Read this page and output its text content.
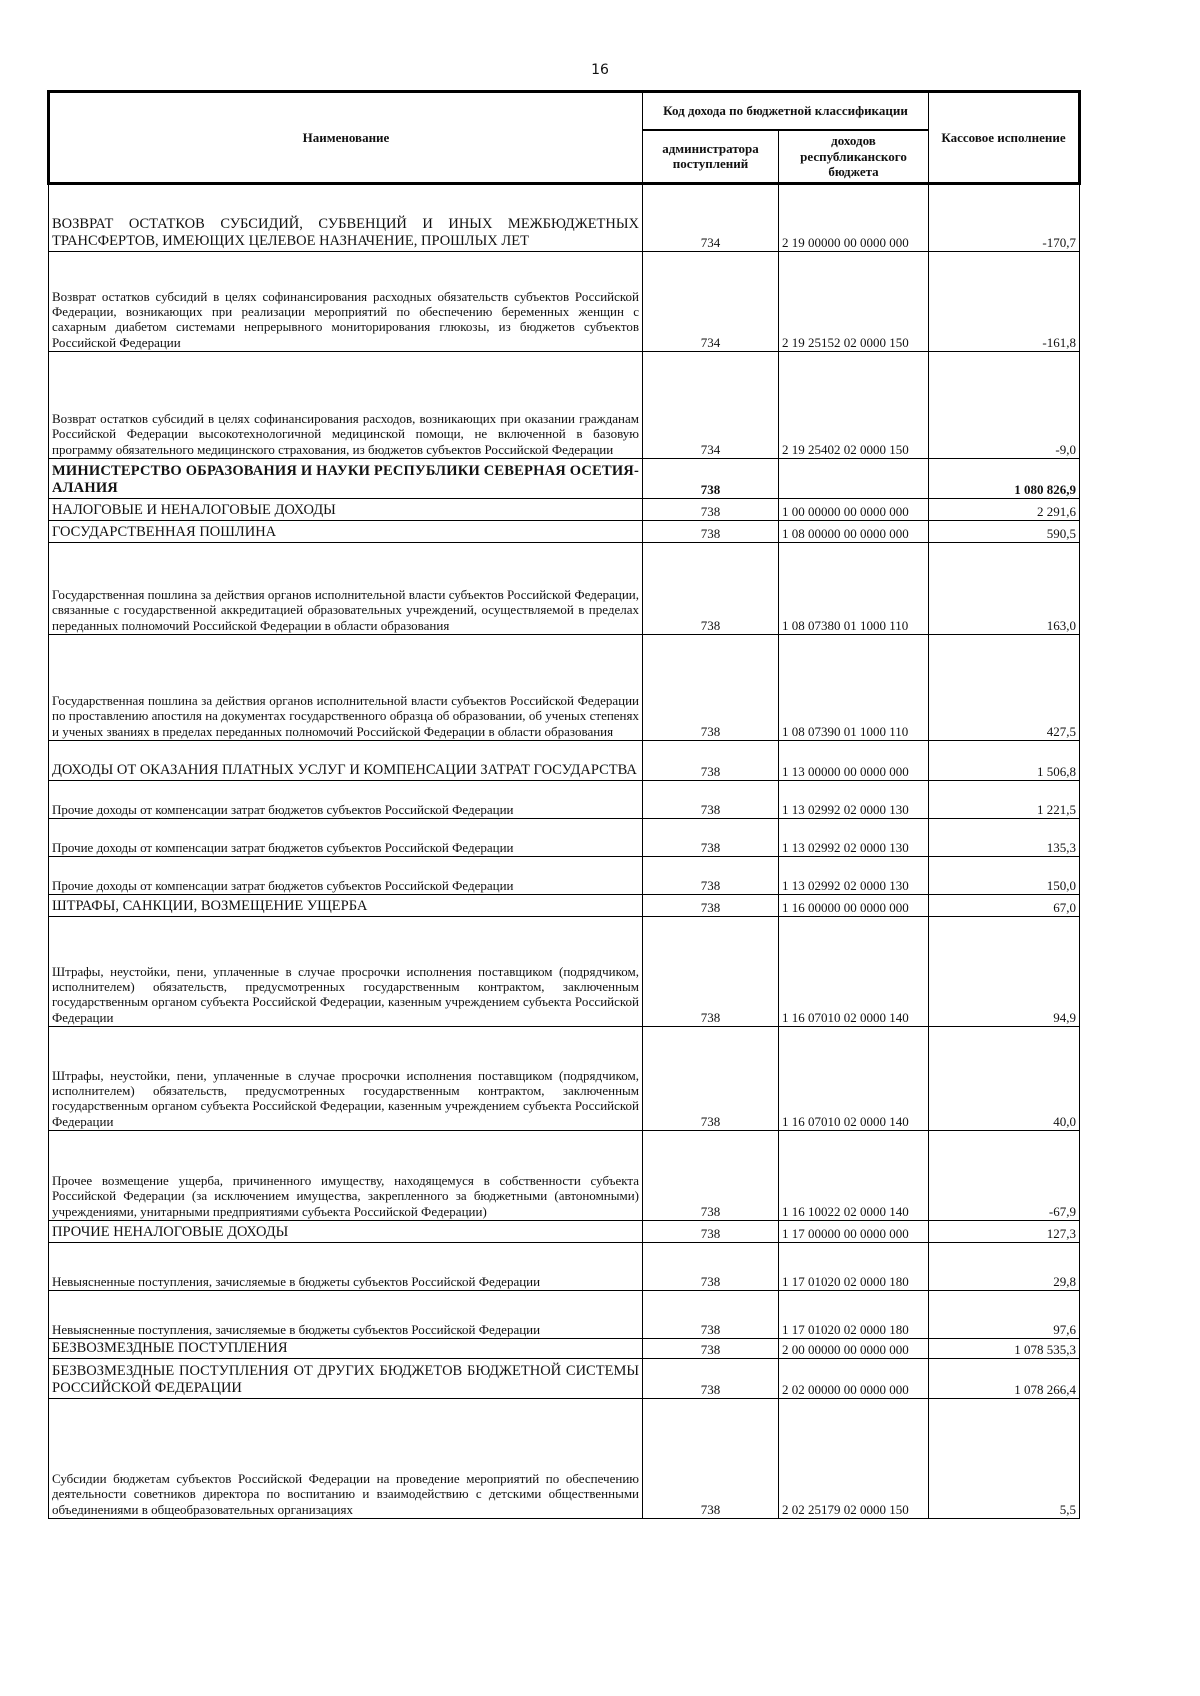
16
Наименование	Код дохода по бюджетной классификации		Кассовое исполнение
	администратора поступлений	доходов республиканского бюджета	
ВОЗВРАТ ОСТАТКОВ СУБСИДИЙ, СУБВЕНЦИЙ И ИНЫХ МЕЖБЮДЖЕТНЫХ ТРАНСФЕРТОВ, ИМЕЮЩИХ ЦЕЛЕВОЕ НАЗНАЧЕНИЕ, ПРОШЛЫХ ЛЕТ	734	2 19 00000 00 0000 000	-170,7
Возврат остатков субсидий в целях софинансирования расходных обязательств субъектов Российской Федерации, возникающих при реализации мероприятий по обеспечению беременных женщин с сахарным диабетом системами непрерывного мониторирования глюкозы, из бюджетов субъектов Российской Федерации	734	2 19 25152 02 0000 150	-161,8
Возврат остатков субсидий в целях софинансирования расходов, возникающих при оказании гражданам Российской Федерации высокотехнологичной медицинской помощи, не включенной в базовую программу обязательного медицинского страхования, из бюджетов субъектов Российской Федерации	734	2 19 25402 02 0000 150	-9,0
МИНИСТЕРСТВО ОБРАЗОВАНИЯ И НАУКИ РЕСПУБЛИКИ СЕВЕРНАЯ ОСЕТИЯ-АЛАНИЯ	738		1 080 826,9
НАЛОГОВЫЕ И НЕНАЛОГОВЫЕ ДОХОДЫ	738	1 00 00000 00 0000 000	2 291,6
ГОСУДАРСТВЕННАЯ ПОШЛИНА	738	1 08 00000 00 0000 000	590,5
Государственная пошлина за действия органов исполнительной власти субъектов Российской Федерации, связанные с государственной аккредитацией образовательных учреждений, осуществляемой в пределах переданных полномочий Российской Федерации в области образования	738	1 08 07380 01 1000 110	163,0
Государственная пошлина за действия органов исполнительной власти субъектов Российской Федерации по проставлению апостиля на документах государственного образца об образовании, об ученых степенях и ученых званиях в пределах переданных полномочий Российской Федерации в области образования	738	1 08 07390 01 1000 110	427,5
ДОХОДЫ ОТ ОКАЗАНИЯ ПЛАТНЫХ УСЛУГ И КОМПЕНСАЦИИ ЗАТРАТ ГОСУДАРСТВА	738	1 13 00000 00 0000 000	1 506,8
Прочие доходы от компенсации затрат бюджетов субъектов Российской Федерации	738	1 13 02992 02 0000 130	1 221,5
Прочие доходы от компенсации затрат бюджетов субъектов Российской Федерации	738	1 13 02992 02 0000 130	135,3
Прочие доходы от компенсации затрат бюджетов субъектов Российской Федерации	738	1 13 02992 02 0000 130	150,0
ШТРАФЫ, САНКЦИИ, ВОЗМЕЩЕНИЕ УЩЕРБА	738	1 16 00000 00 0000 000	67,0
Штрафы, неустойки, пени, уплаченные в случае просрочки исполнения поставщиком (подрядчиком, исполнителем) обязательств, предусмотренных государственным контрактом, заключенным государственным органом субъекта Российской Федерации, казенным учреждением субъекта Российской Федерации	738	1 16 07010 02 0000 140	94,9
Штрафы, неустойки, пени, уплаченные в случае просрочки исполнения поставщиком (подрядчиком, исполнителем) обязательств, предусмотренных государственным контрактом, заключенным государственным органом субъекта Российской Федерации, казенным учреждением субъекта Российской Федерации	738	1 16 07010 02 0000 140	40,0
Прочее возмещение ущерба, причиненного имуществу, находящемуся в собственности субъекта Российской Федерации (за исключением имущества, закрепленного за бюджетными (автономными) учреждениями, унитарными предприятиями субъекта Российской Федерации)	738	1 16 10022 02 0000 140	-67,9
ПРОЧИЕ НЕНАЛОГОВЫЕ ДОХОДЫ	738	1 17 00000 00 0000 000	127,3
Невыясненные поступления, зачисляемые в бюджеты субъектов Российской Федерации	738	1 17 01020 02 0000 180	29,8
Невыясненные поступления, зачисляемые в бюджеты субъектов Российской Федерации	738	1 17 01020 02 0000 180	97,6
БЕЗВОЗМЕЗДНЫЕ ПОСТУПЛЕНИЯ	738	2 00 00000 00 0000 000	1 078 535,3
БЕЗВОЗМЕЗДНЫЕ ПОСТУПЛЕНИЯ ОТ ДРУГИХ БЮДЖЕТОВ БЮДЖЕТНОЙ СИСТЕМЫ РОССИЙСКОЙ ФЕДЕРАЦИИ	738	2 02 00000 00 0000 000	1 078 266,4
Субсидии бюджетам субъектов Российской Федерации на проведение мероприятий по обеспечению деятельности советников директора по воспитанию и взаимодействию с детскими общественными объединениями в общеобразовательных организациях	738	2 02 25179 02 0000 150	5,5
